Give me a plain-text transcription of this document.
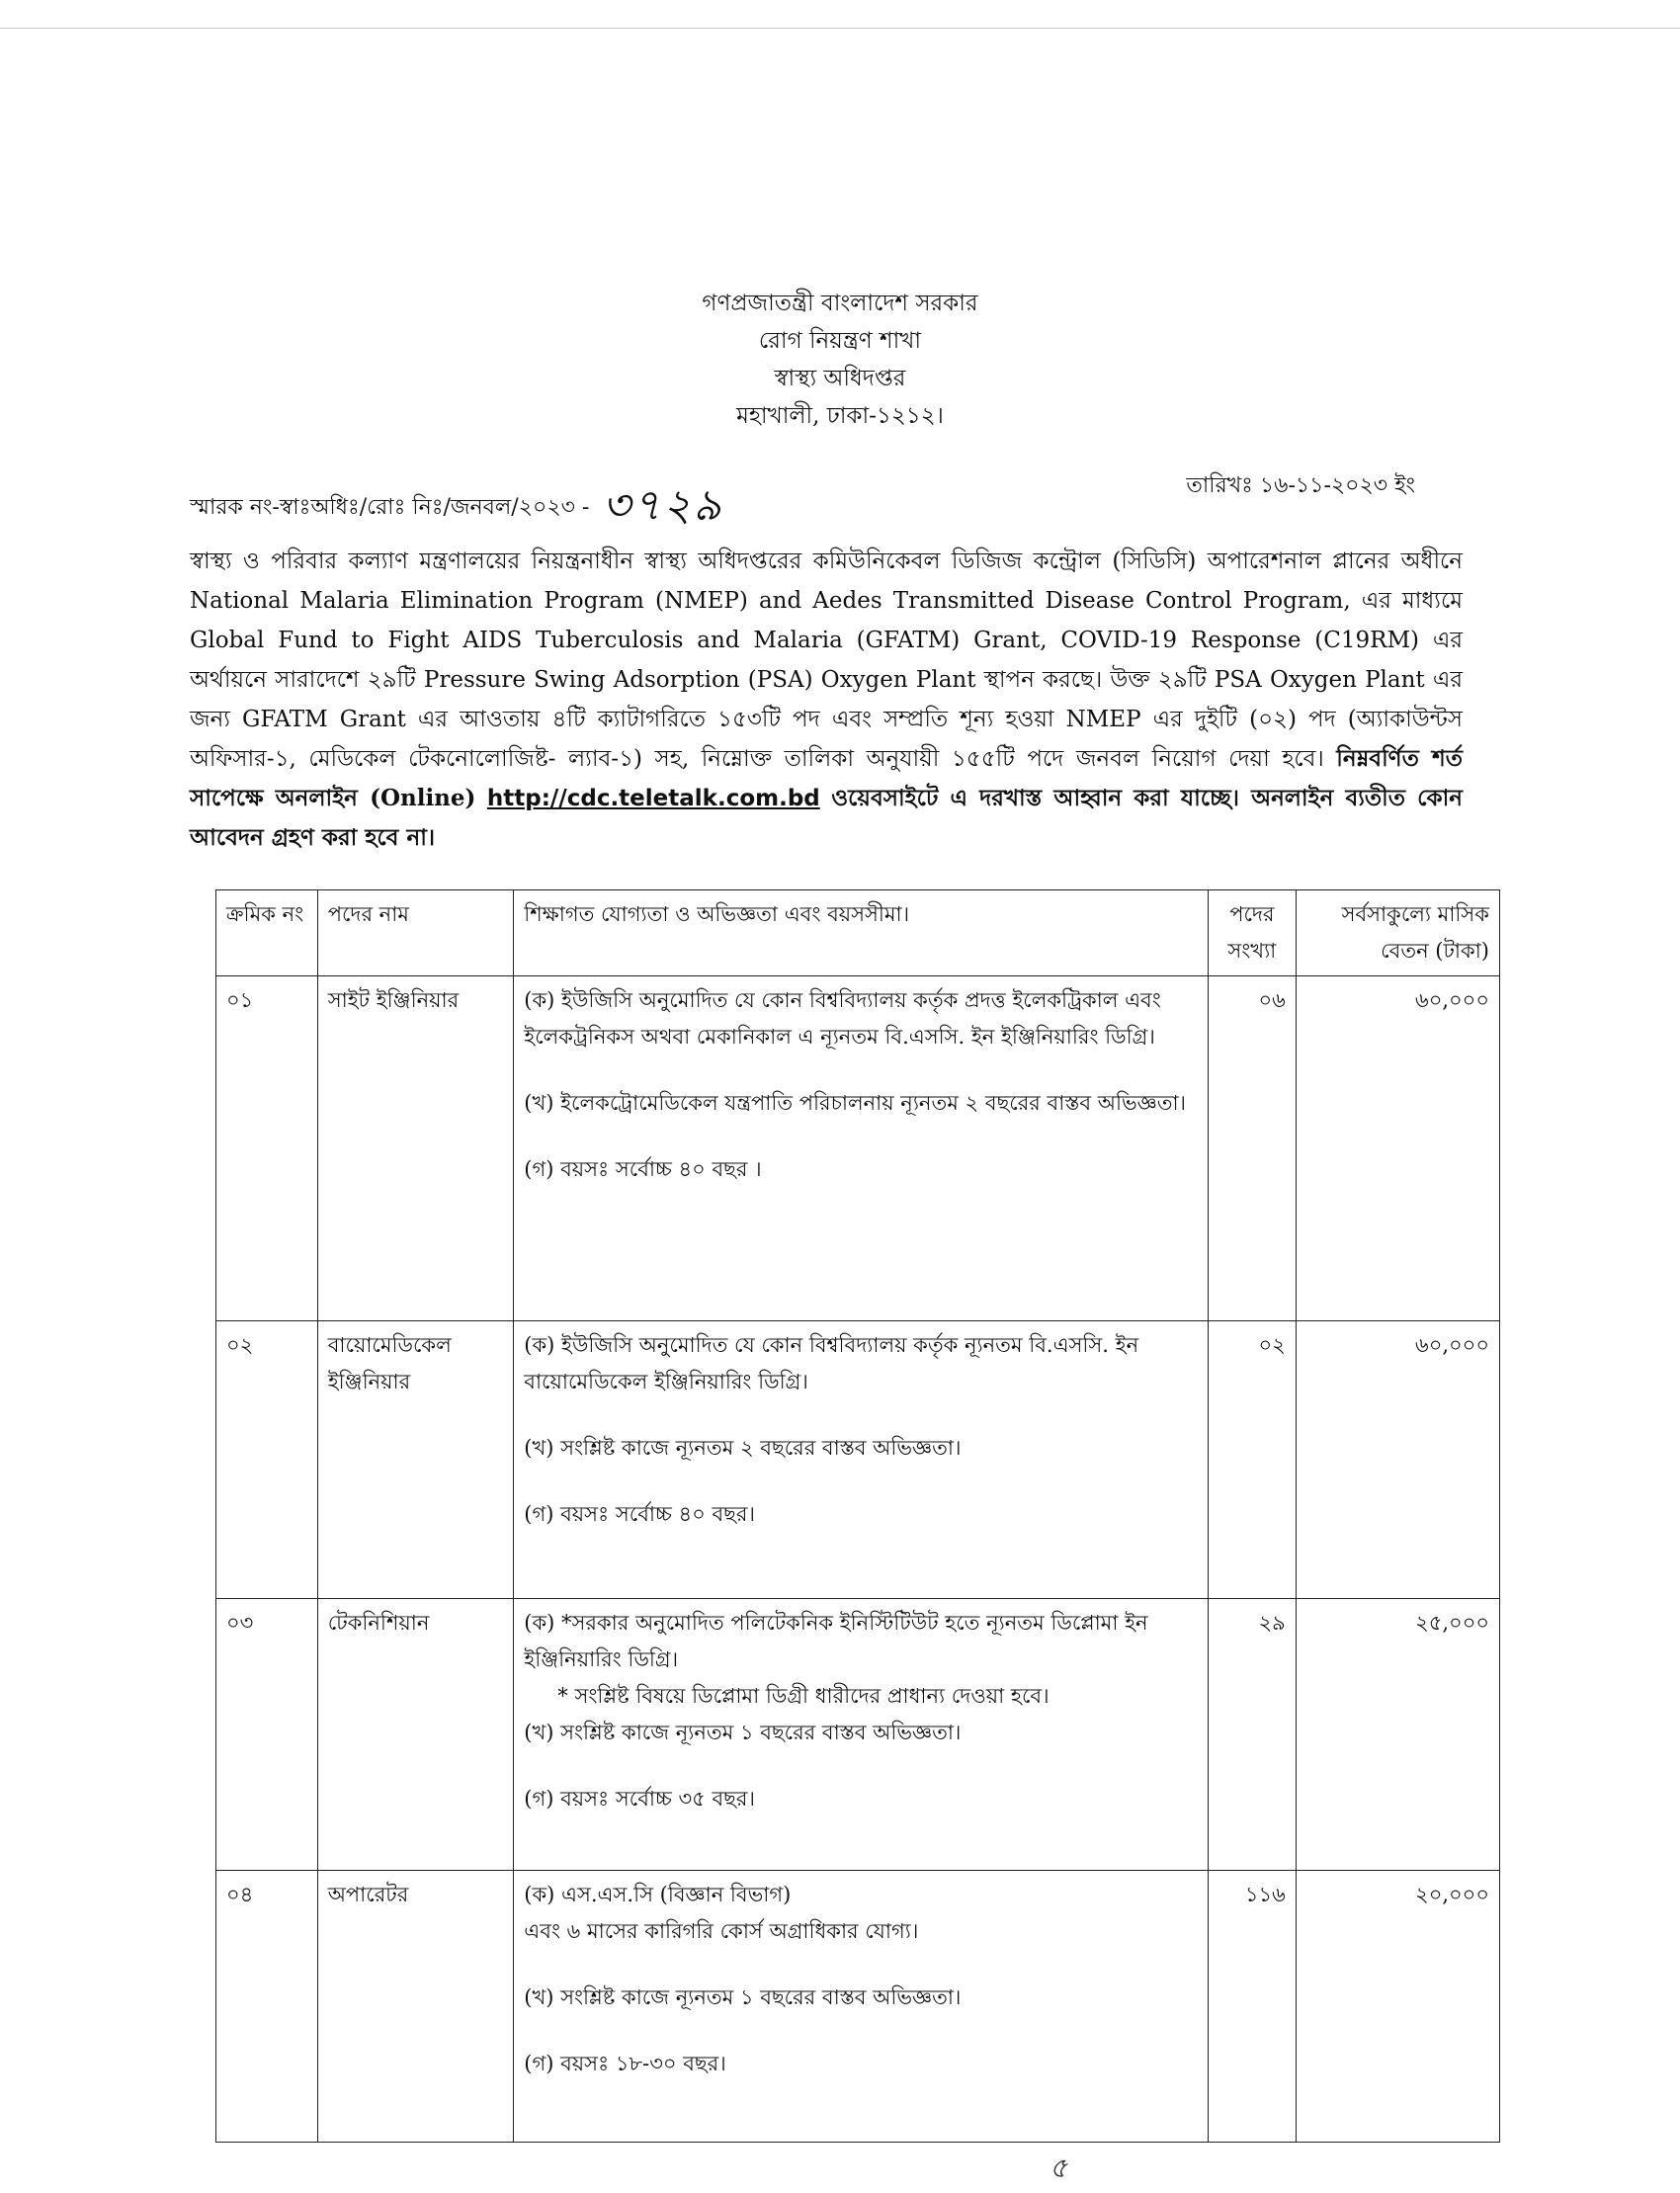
গণপ্রজাতন্ত্রী বাংলাদেশ সরকার
রোগ নিয়ন্ত্রণ শাখা
স্বাস্থ্য অধিদপ্তর
মহাখালী, ঢাকা-১২১২।
স্মারক নং-স্বাঃঅধিঃ/রোঃ নিঃ/জনবল/২০২৩ - ৩৭২৯	তারিখঃ ১৬-১১-২০২৩ ইং
স্বাস্থ্য ও পরিবার কল্যাণ মন্ত্রণালয়ের নিয়ন্ত্রনাধীন স্বাস্থ্য অধিদপ্তরের কমিউনিকেবল ডিজিজ কন্ট্রোল (সিডিসি) অপারেশনাল প্লানের অধীনে National Malaria Elimination Program (NMEP) and Aedes Transmitted Disease Control Program, এর মাধ্যমে Global Fund to Fight AIDS Tuberculosis and Malaria (GFATM) Grant, COVID-19 Response (C19RM) এর অর্থায়নে সারাদেশে ২৯টি Pressure Swing Adsorption (PSA) Oxygen Plant স্থাপন করছে। উক্ত ২৯টি PSA Oxygen Plant এর জন্য GFATM Grant এর আওতায় ৪টি ক্যাটাগরিতে ১৫৩টি পদ এবং সম্প্রতি শূন্য হওয়া NMEP এর দুইটি (০২) পদ (অ্যাকাউন্টস অফিসার-১, মেডিকেল টেকনোলোজিষ্ট- ল্যাব-১) সহ, নিম্নোক্ত তালিকা অনুযায়ী ১৫৫টি পদে জনবল নিয়োগ দেয়া হবে। নিম্নবর্ণিত শর্ত সাপেক্ষে অনলাইন (Online) http://cdc.teletalk.com.bd ওয়েবসাইটে এ দরখাস্ত আহ্বান করা যাচ্ছে। অনলাইন ব্যতীত কোন আবেদন গ্রহণ করা হবে না।
ক্রমিক নং	পদের নাম	শিক্ষাগত যোগ্যতা ও অভিজ্ঞতা এবং বয়সসীমা।	পদের সংখ্যা	সর্বসাকুল্যে মাসিক বেতন (টাকা)
০১	সাইট ইঞ্জিনিয়ার	(ক) ইউজিসি অনুমোদিত যে কোন বিশ্ববিদ্যালয় কর্তৃক প্রদত্ত ইলেকট্রিকাল এবং ইলেকট্রনিকস অথবা মেকানিকাল এ ন্যূনতম বি.এসসি. ইন ইঞ্জিনিয়ারিং ডিগ্রি।
(খ) ইলেকট্রোমেডিকেল যন্ত্রপাতি পরিচালনায় ন্যূনতম ২ বছরের বাস্তব অভিজ্ঞতা।
(গ) বয়সঃ সর্বোচ্চ ৪০ বছর ।	০৬	৬০,০০০
০২	বায়োমেডিকেল ইঞ্জিনিয়ার	(ক) ইউজিসি অনুমোদিত যে কোন বিশ্ববিদ্যালয় কর্তৃক ন্যূনতম বি.এসসি. ইন বায়োমেডিকেল ইঞ্জিনিয়ারিং ডিগ্রি।
(খ) সংশ্লিষ্ট কাজে ন্যূনতম ২ বছরের বাস্তব অভিজ্ঞতা।
(গ) বয়সঃ সর্বোচ্চ ৪০ বছর।	০২	৬০,০০০
০৩	টেকনিশিয়ান	(ক) *সরকার অনুমোদিত পলিটেকনিক ইনিস্টিটিউট হতে ন্যূনতম ডিপ্লোমা ইন ইঞ্জিনিয়ারিং ডিগ্রি।
* সংশ্লিষ্ট বিষয়ে ডিপ্লোমা ডিগ্রী ধারীদের প্রাধান্য দেওয়া হবে।
(খ) সংশ্লিষ্ট কাজে ন্যূনতম ১ বছরের বাস্তব অভিজ্ঞতা।
(গ) বয়সঃ সর্বোচ্চ ৩৫ বছর।	২৯	২৫,০০০
০৪	অপারেটর	(ক) এস.এস.সি (বিজ্ঞান বিভাগ)
এবং ৬ মাসের কারিগরি কোর্স অগ্রাধিকার যোগ্য।
(খ) সংশ্লিষ্ট কাজে ন্যূনতম ১ বছরের বাস্তব অভিজ্ঞতা।
(গ) বয়সঃ ১৮-৩০ বছর।	১১৬	২০,০০০
৫
